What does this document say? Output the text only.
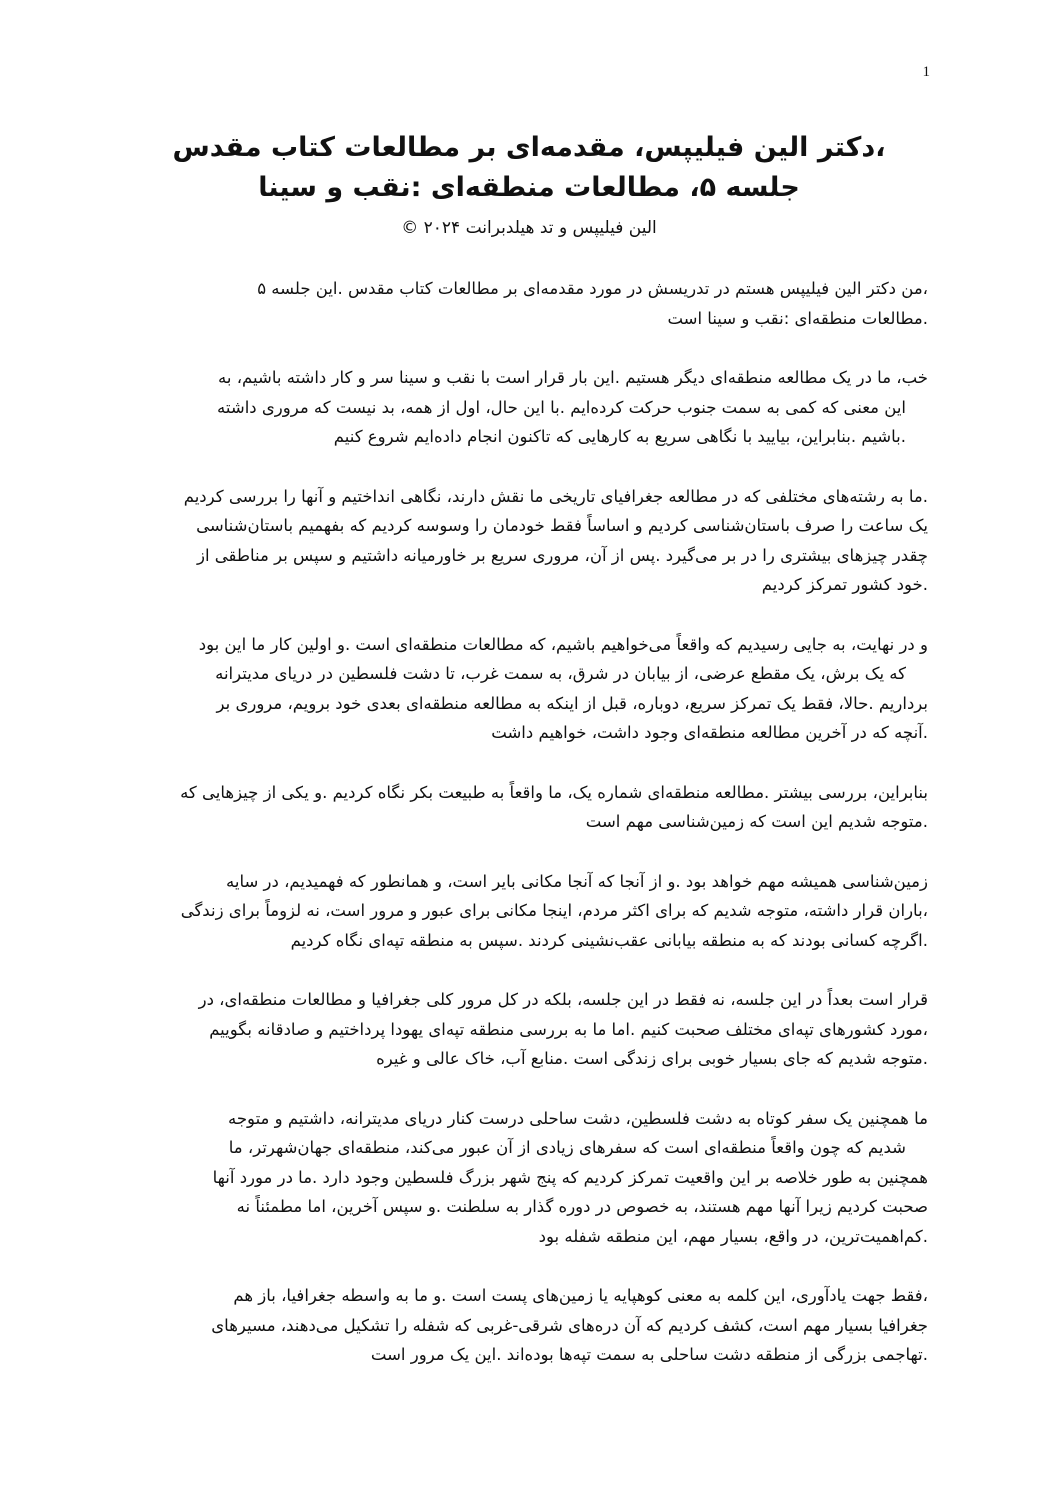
1
،دکتر الین فیلیپس، مقدمه‌ای بر مطالعات کتاب مقدس
جلسه ۵، مطالعات منطقه‌ای :نقب و سینا
الین فیلیپس و تد هیلدبرانت ۲۰۲۴ ©
،من دکتر الین فیلیپس هستم در تدریسش در مورد مقدمه‌ای بر مطالعات کتاب مقدس .این جلسه ۵
.مطالعات منطقه‌ای :نقب و سینا است
خب، ما در یک مطالعه منطقه‌ای دیگر هستیم .این بار قرار است با نقب و سینا سر و کار داشته باشیم، به
این معنی که کمی به سمت جنوب حرکت کرده‌ایم .با این حال، اول از همه، بد نیست که مروری داشته
.باشیم .بنابراین، بیایید با نگاهی سریع به کارهایی که تاکنون انجام داده‌ایم شروع کنیم
.ما به رشته‌های مختلفی که در مطالعه جغرافیای تاریخی ما نقش دارند، نگاهی انداختیم و آنها را بررسی کردیم
یک ساعت را صرف باستان‌شناسی کردیم و اساساً فقط خودمان را وسوسه کردیم که بفهمیم باستان‌شناسی
چقدر چیزهای بیشتری را در بر می‌گیرد .پس از آن، مروری سریع بر خاورمیانه داشتیم و سپس بر مناطقی از
.خود کشور تمرکز کردیم
و در نهایت، به جایی رسیدیم که واقعاً می‌خواهیم باشیم، که مطالعات منطقه‌ای است .و اولین کار ما این بود
که یک برش، یک مقطع عرضی، از بیابان در شرق، به سمت غرب، تا دشت فلسطین در دریای مدیترانه
برداریم .حالا، فقط یک تمرکز سریع، دوباره، قبل از اینکه به مطالعه منطقه‌ای بعدی خود برویم، مروری بر
.آنچه که در آخرین مطالعه منطقه‌ای وجود داشت، خواهیم داشت
بنابراین، بررسی بیشتر .مطالعه منطقه‌ای شماره یک، ما واقعاً به طبیعت بکر نگاه کردیم .و یکی از چیزهایی که
.متوجه شدیم این است که زمین‌شناسی مهم است
زمین‌شناسی همیشه مهم خواهد بود .و از آنجا که آنجا مکانی بایر است، و همانطور که فهمیدیم، در سایه
،باران قرار داشته، متوجه شدیم که برای اکثر مردم، اینجا مکانی برای عبور و مرور است، نه لزوماً برای زندگی
.اگرچه کسانی بودند که به منطقه بیابانی عقب‌نشینی کردند .سپس به منطقه تپه‌ای نگاه کردیم
قرار است بعداً در این جلسه، نه فقط در این جلسه، بلکه در کل مرور کلی جغرافیا و مطالعات منطقه‌ای، در
،مورد کشورهای تپه‌ای مختلف صحبت کنیم .اما ما به بررسی منطقه تپه‌ای یهودا پرداختیم و صادقانه بگوییم
.متوجه شدیم که جای بسیار خوبی برای زندگی است .منابع آب، خاک عالی و غیره
ما همچنین یک سفر کوتاه به دشت فلسطین، دشت ساحلی درست کنار دریای مدیترانه، داشتیم و متوجه
شدیم که چون واقعاً منطقه‌ای است که سفرهای زیادی از آن عبور می‌کند، منطقه‌ای جهان‌شهرتر، ما
همچنین به طور خلاصه بر این واقعیت تمرکز کردیم که پنج شهر بزرگ فلسطین وجود دارد .ما در مورد آنها
صحبت کردیم زیرا آنها مهم هستند، به خصوص در دوره گذار به سلطنت .و سپس آخرین، اما مطمئناً نه
.کم‌اهمیت‌ترین، در واقع، بسیار مهم، این منطقه شفله بود
،فقط جهت یادآوری، این کلمه به معنی کوهپایه یا زمین‌های پست است .و ما به واسطه جغرافیا، باز هم
جغرافیا بسیار مهم است، کشف کردیم که آن دره‌های شرقی-غربی که شفله را تشکیل می‌دهند، مسیرهای
.تهاجمی بزرگی از منطقه دشت ساحلی به سمت تپه‌ها بوده‌اند .این یک مرور است
